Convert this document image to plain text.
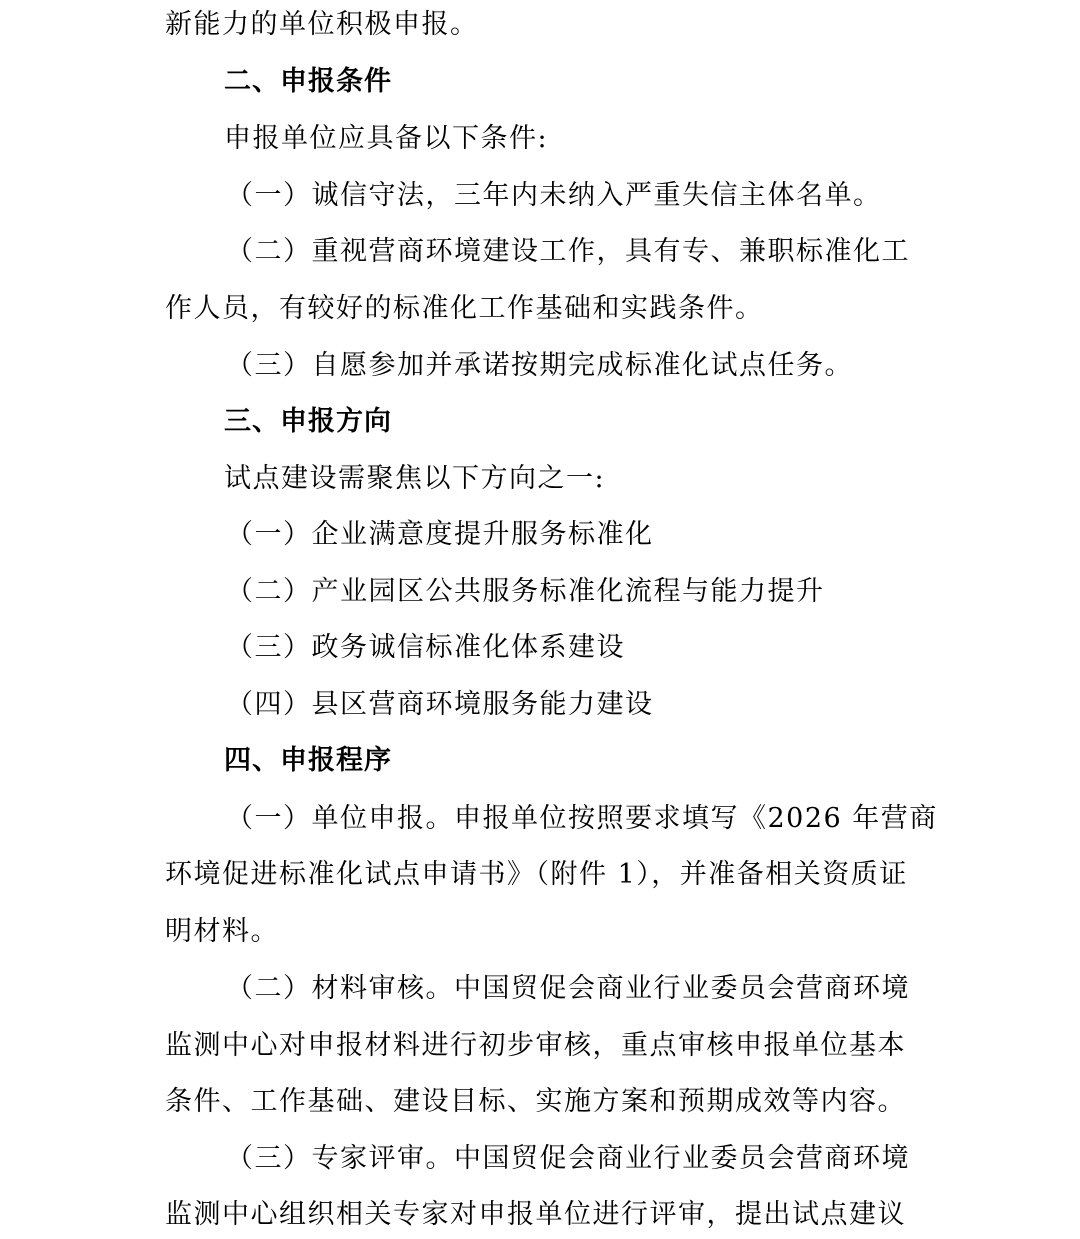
新能力的单位积极申报。
二、申报条件
申报单位应具备以下条件:
（一）诚信守法，三年内未纳入严重失信主体名单。
（二）重视营商环境建设工作，具有专、兼职标准化工
作人员，有较好的标准化工作基础和实践条件。
（三）自愿参加并承诺按期完成标准化试点任务。
三、申报方向
试点建设需聚焦以下方向之一:
（一）企业满意度提升服务标准化
（二）产业园区公共服务标准化流程与能力提升
（三）政务诚信标准化体系建设
（四）县区营商环境服务能力建设
四、申报程序
（一）单位申报。申报单位按照要求填写《2026 年营商
环境促进标准化试点申请书》（附件 1），并准备相关资质证
明材料。
（二）材料审核。中国贸促会商业行业委员会营商环境
监测中心对申报材料进行初步审核，重点审核申报单位基本
条件、工作基础、建设目标、实施方案和预期成效等内容。
（三）专家评审。中国贸促会商业行业委员会营商环境
监测中心组织相关专家对申报单位进行评审，提出试点建议
